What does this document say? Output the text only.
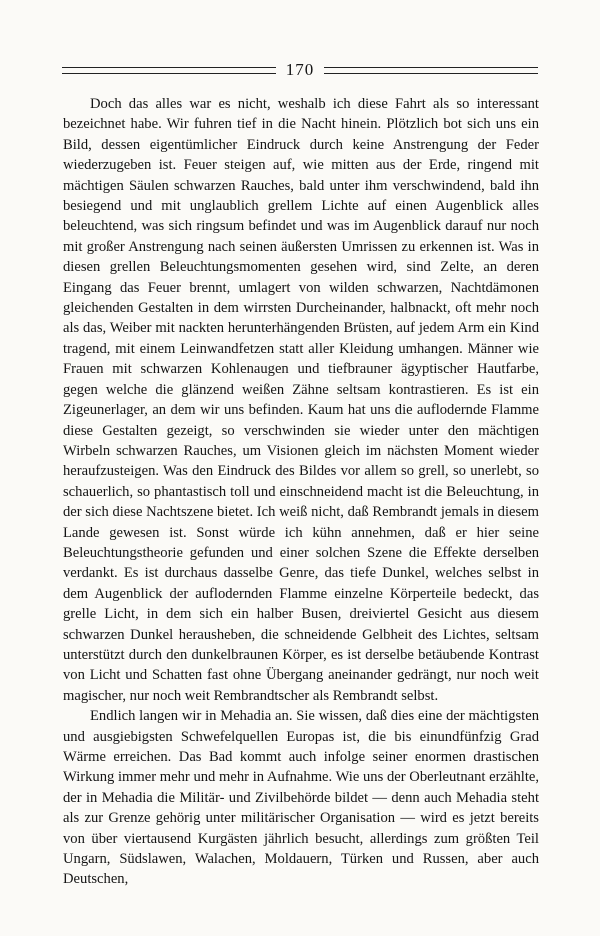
170

Doch das alles war es nicht, weshalb ich diese Fahrt als so interessant bezeichnet habe. Wir fuhren tief in die Nacht hinein. Plötzlich bot sich uns ein Bild, dessen eigentümlicher Eindruck durch keine Anstrengung der Feder wiederzugeben ist. Feuer steigen auf, wie mitten aus der Erde, ringend mit mächtigen Säulen schwarzen Rauches, bald unter ihm verschwindend, bald ihn besiegend und mit unglaublich grellem Lichte auf einen Augenblick alles beleuchtend, was sich ringsum befindet und was im Augenblick darauf nur noch mit großer Anstrengung nach seinen äußersten Umrissen zu erkennen ist. Was in diesen grellen Beleuchtungsmomenten gesehen wird, sind Zelte, an deren Eingang das Feuer brennt, umlagert von wilden schwarzen, Nachtdämonen gleichenden Gestalten in dem wirrsten Durcheinander, halbnackt, oft mehr noch als das, Weiber mit nackten herunterhängenden Brüsten, auf jedem Arm ein Kind tragend, mit einem Leinwandfetzen statt aller Kleidung umhangen. Männer wie Frauen mit schwarzen Kohlenaugen und tiefbrauner ägyptischer Hautfarbe, gegen welche die glänzend weißen Zähne seltsam kontrastieren. Es ist ein Zigeunerlager, an dem wir uns befinden. Kaum hat uns die auflodernde Flamme diese Gestalten gezeigt, so verschwinden sie wieder unter den mächtigen Wirbeln schwarzen Rauches, um Visionen gleich im nächsten Moment wieder heraufzusteigen. Was den Eindruck des Bildes vor allem so grell, so unerlebt, so schauerlich, so phantastisch toll und einschneidend macht ist die Beleuchtung, in der sich diese Nachtszene bietet. Ich weiß nicht, daß Rembrandt jemals in diesem Lande gewesen ist. Sonst würde ich kühn annehmen, daß er hier seine Beleuchtungstheorie gefunden und einer solchen Szene die Effekte derselben verdankt. Es ist durchaus dasselbe Genre, das tiefe Dunkel, welches selbst in dem Augenblick der auflodernden Flamme einzelne Körperteile bedeckt, das grelle Licht, in dem sich ein halber Busen, dreiviertel Gesicht aus diesem schwarzen Dunkel herausheben, die schneidende Gelbheit des Lichtes, seltsam unterstützt durch den dunkelbraunen Körper, es ist derselbe betäubende Kontrast von Licht und Schatten fast ohne Übergang aneinander gedrängt, nur noch weit magischer, nur noch weit Rembrandtscher als Rembrandt selbst.

Endlich langen wir in Mehadia an. Sie wissen, daß dies eine der mächtigsten und ausgiebigsten Schwefelquellen Europas ist, die bis einundfünfzig Grad Wärme erreichen. Das Bad kommt auch infolge seiner enormen drastischen Wirkung immer mehr und mehr in Aufnahme. Wie uns der Oberleutnant erzählte, der in Mehadia die Militär- und Zivilbehörde bildet — denn auch Mehadia steht als zur Grenze gehörig unter militärischer Organisation — wird es jetzt bereits von über viertausend Kurgästen jährlich besucht, allerdings zum größten Teil Ungarn, Südslawen, Walachen, Moldauern, Türken und Russen, aber auch Deutschen,
